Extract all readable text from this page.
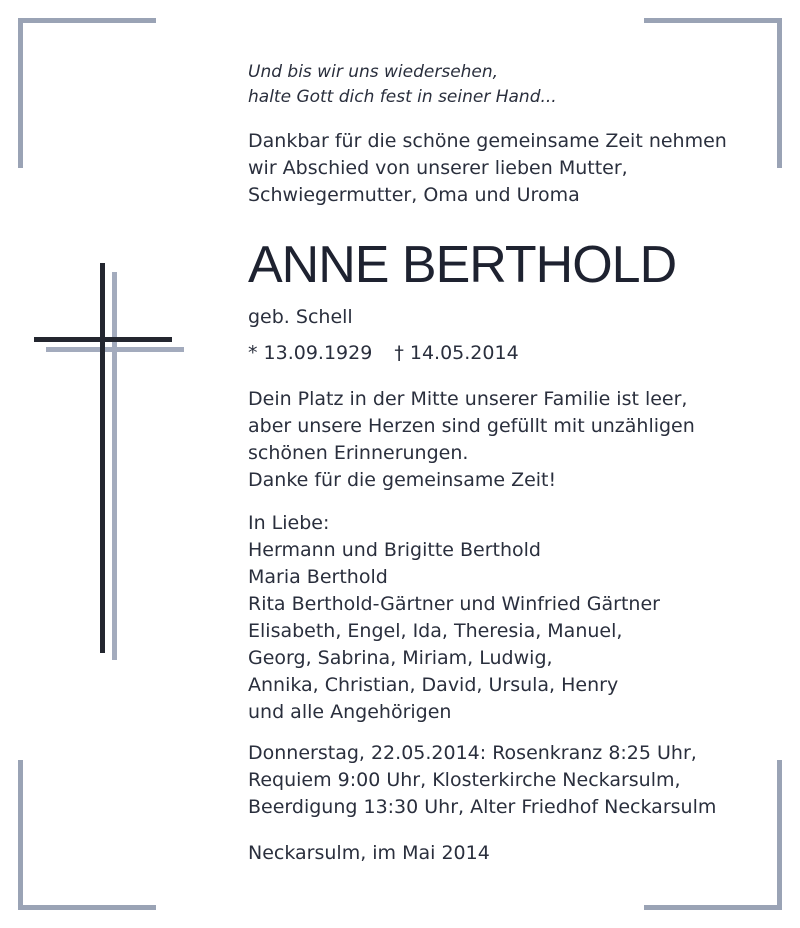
Und bis wir uns wiedersehen,
halte Gott dich fest in seiner Hand...
Dankbar für die schöne gemeinsame Zeit nehmen
wir Abschied von unserer lieben Mutter,
Schwiegermutter, Oma und Uroma
ANNE BERTHOLD
geb. Schell
* 13.09.1929 † 14.05.2014
Dein Platz in der Mitte unserer Familie ist leer,
aber unsere Herzen sind gefüllt mit unzähligen
schönen Erinnerungen.
Danke für die gemeinsame Zeit!
In Liebe:
Hermann und Brigitte Berthold
Maria Berthold
Rita Berthold-Gärtner und Winfried Gärtner
Elisabeth, Engel, Ida, Theresia, Manuel,
Georg, Sabrina, Miriam, Ludwig,
Annika, Christian, David, Ursula, Henry
und alle Angehörigen
Donnerstag, 22.05.2014: Rosenkranz 8:25 Uhr,
Requiem 9:00 Uhr, Klosterkirche Neckarsulm,
Beerdigung 13:30 Uhr, Alter Friedhof Neckarsulm
Neckarsulm, im Mai 2014
